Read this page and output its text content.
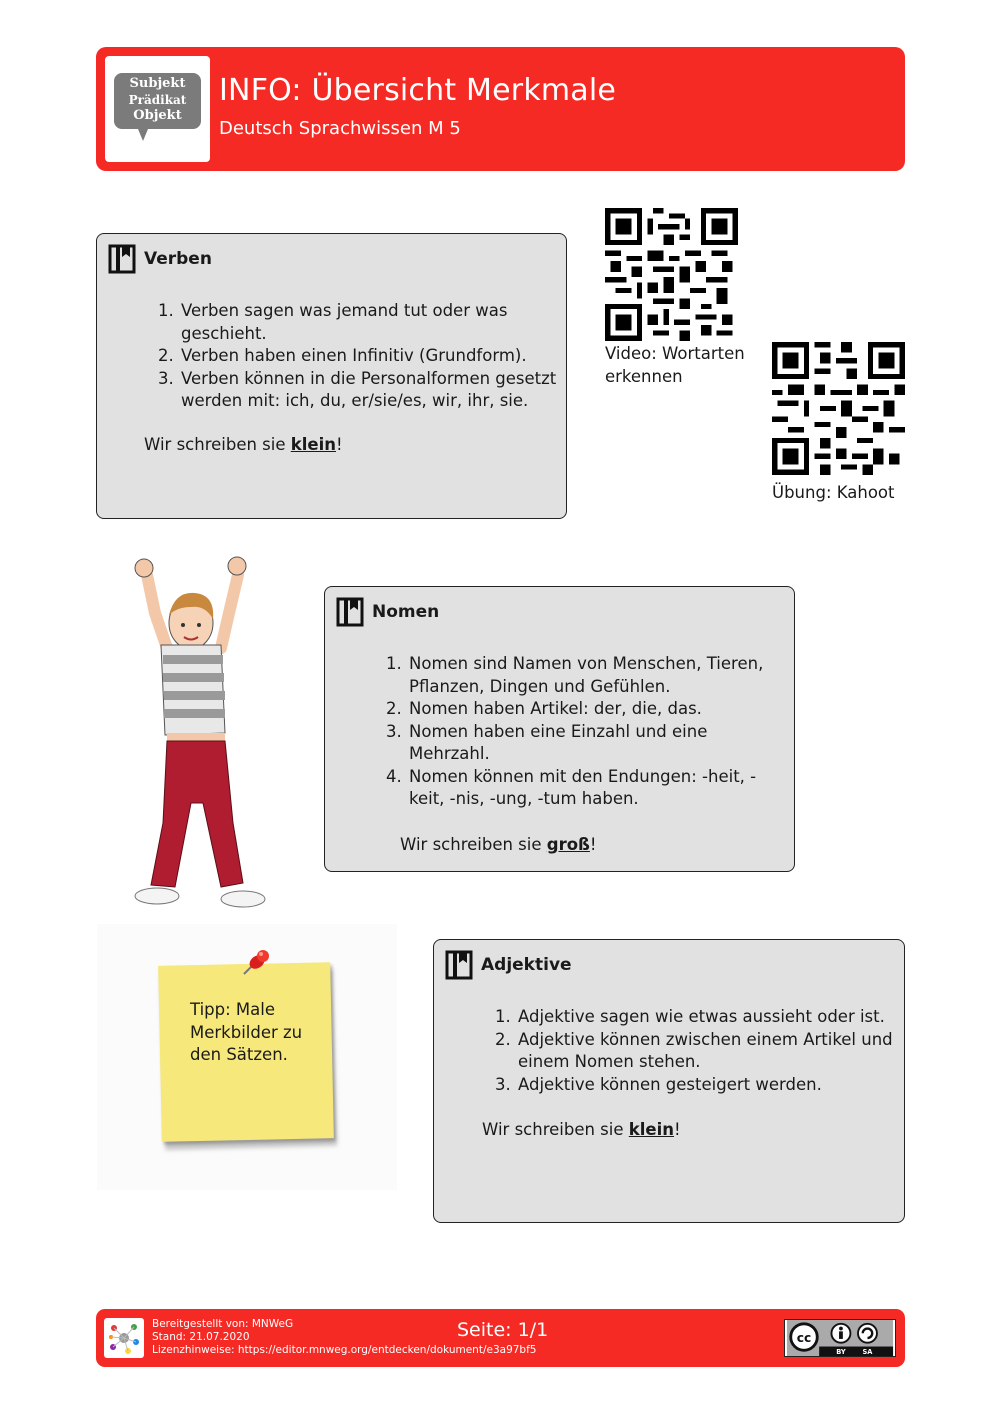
Subjekt
Prädikat
Objekt
INFO: Übersicht Merkmale
Deutsch Sprachwissen M 5
Verben
1. Verben sagen was jemand tut oder was geschieht.
2. Verben haben einen Infinitiv (Grundform).
3. Verben können in die Personalformen gesetzt werden mit: ich, du, er/sie/es, wir, ihr, sie.
Wir schreiben sie klein!
Video: Wortarten erkennen
Übung: Kahoot
Nomen
1. Nomen sind Namen von Menschen, Tieren, Pflanzen, Dingen und Gefühlen.
2. Nomen haben Artikel: der, die, das.
3. Nomen haben eine Einzahl und eine Mehrzahl.
4. Nomen können mit den Endungen: -heit, -keit, -nis, -ung, -tum haben.
Wir schreiben sie groß!
Tipp: Male Merkbilder zu den Sätzen.
Adjektive
1. Adjektive sagen wie etwas aussieht oder ist.
2. Adjektive können zwischen einem Artikel und einem Nomen stehen.
3. Adjektive können gesteigert werden.
Wir schreiben sie klein!
Bereitgestellt von: MNWeG
Stand: 21.07.2020
Lizenzhinweise: https://editor.mnweg.org/entdecken/dokument/e3a97bf5
Seite: 1/1	cc
BY SA
